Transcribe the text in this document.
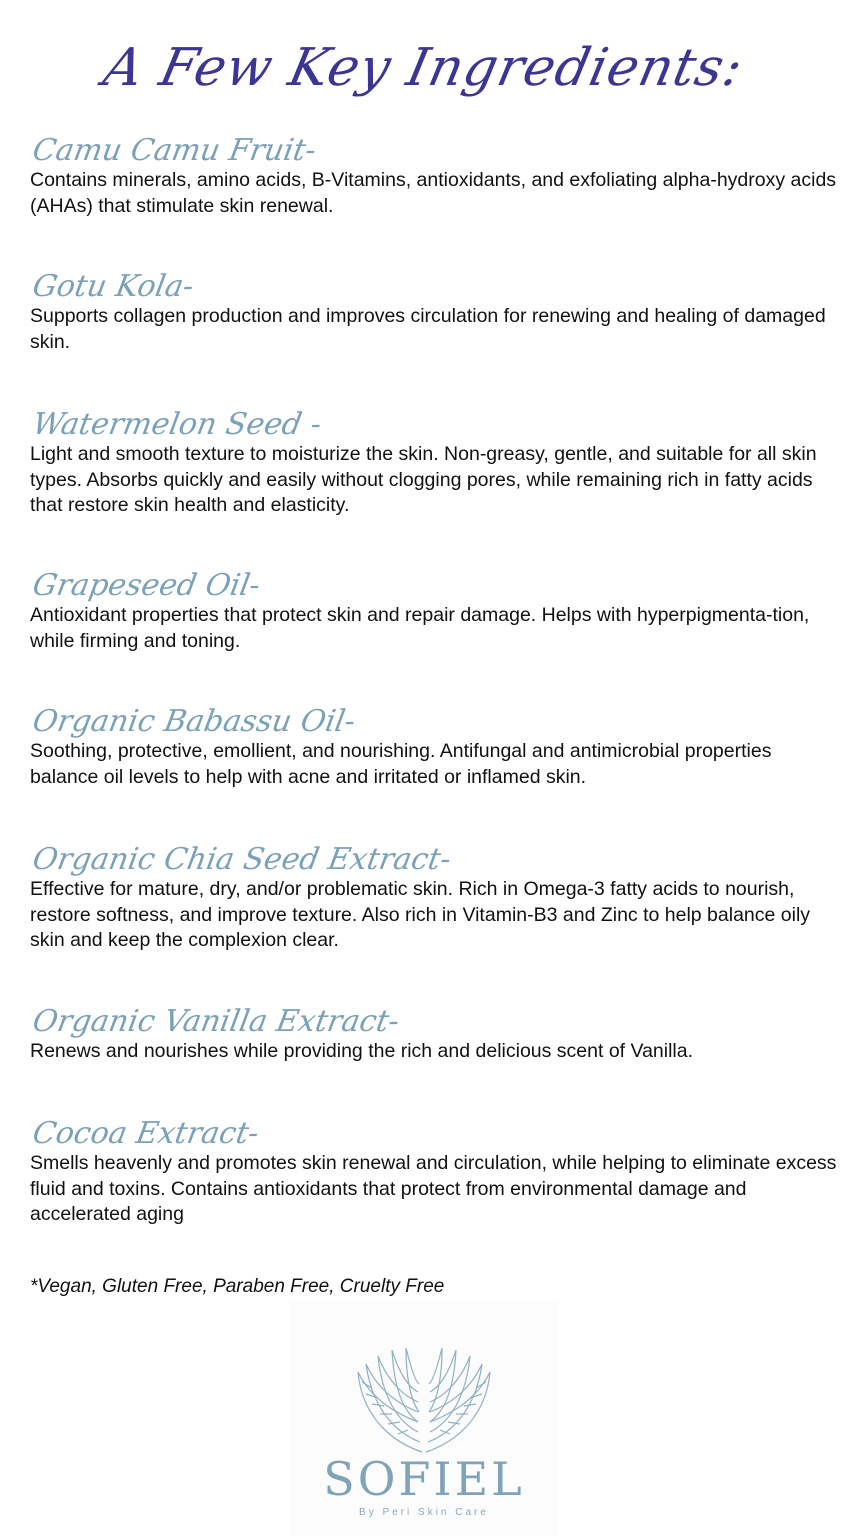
A Few Key Ingredients:

Camu Camu Fruit-

Contains minerals, amino acids, B-Vitamins, antioxidants, and exfoliating alpha-hydroxy acids (AHAs) that stimulate skin renewal.

Gotu Kola-

Supports collagen production and improves circulation for renewing and healing of damaged skin.

Watermelon Seed -

Light and smooth texture to moisturize the skin. Non-greasy, gentle, and suitable for all skin types. Absorbs quickly and easily without clogging pores, while remaining rich in fatty acids that restore skin health and elasticity.

Grapeseed Oil-

Antioxidant properties that protect skin and repair damage. Helps with hyperpigmenta-tion, while firming and toning.

Organic Babassu Oil-

Soothing, protective, emollient, and nourishing. Antifungal and antimicrobial properties balance oil levels to help with acne and irritated or inflamed skin.

Organic Chia Seed Extract-

Effective for mature, dry, and/or problematic skin. Rich in Omega-3 fatty acids to nourish, restore softness, and improve texture. Also rich in Vitamin-B3 and Zinc to help balance oily skin and keep the complexion clear.

Organic Vanilla Extract-

Renews and nourishes while providing the rich and delicious scent of Vanilla.

Cocoa Extract-

Smells heavenly and promotes skin renewal and circulation, while helping to eliminate excess fluid and toxins. Contains antioxidants that protect from environmental damage and accelerated aging

*Vegan, Gluten Free, Paraben Free, Cruelty Free
SOFIEL
By Peri Skin Care
